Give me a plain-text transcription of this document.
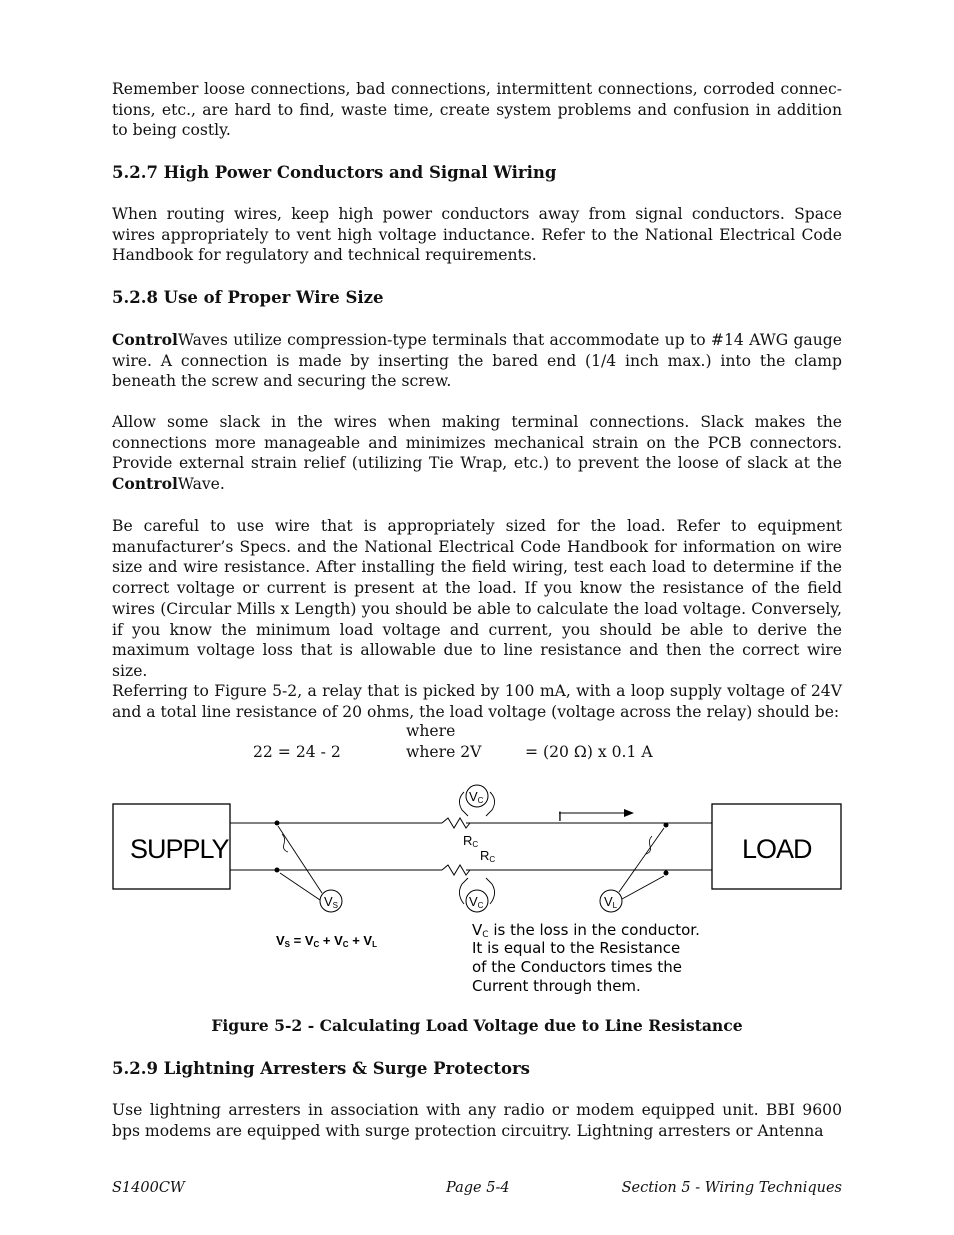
Remember loose connections, bad connections, intermittent connections, corroded connections, etc., are hard to find, waste time, create system problems and confusion in addition to being costly.

5.2.7 High Power Conductors and Signal Wiring

When routing wires, keep high power conductors away from signal conductors. Space wires appropriately to vent high voltage inductance. Refer to the National Electrical Code Handbook for regulatory and technical requirements.

5.2.8 Use of Proper Wire Size

ControlWaves utilize compression-type terminals that accommodate up to #14 AWG gauge wire. A connection is made by inserting the bared end (1/4 inch max.) into the clamp beneath the screw and securing the screw.

Allow some slack in the wires when making terminal connections. Slack makes the connections more manageable and minimizes mechanical strain on the PCB connectors. Provide external strain relief (utilizing Tie Wrap, etc.) to prevent the loose of slack at the ControlWave.

Be careful to use wire that is appropriately sized for the load. Refer to equipment manufacturer’s Specs. and the National Electrical Code Handbook for information on wire size and wire resistance. After installing the field wiring, test each load to determine if the correct voltage or current is present at the load. If you know the resistance of the field wires (Circular Mills x Length) you should be able to calculate the load voltage. Conversely, if you know the minimum load voltage and current, you should be able to derive the maximum voltage loss that is allowable due to line resistance and then the correct wire size.

Referring to Figure 5-2, a relay that is picked by 100 mA, with a loop supply voltage of 24V and a total line resistance of 20 ohms, the load voltage (voltage across the relay) should be:

where
22 = 24 - 2	where 2V	= (20 Ω) x 0.1 A
SUPPLY	LOAD
I
VC
VC
RC
RC
VS	VL
VS = VC + VC + VL
VC is the loss in the conductor.
It is equal to the Resistance
of the Conductors times the
Current through them.

Figure 5-2 - Calculating Load Voltage due to Line Resistance

5.2.9 Lightning Arresters & Surge Protectors

Use lightning arresters in association with any radio or modem equipped unit. BBI 9600 bps modems are equipped with surge protection circuitry. Lightning arresters or Antenna

S1400CW	Page 5-4	Section 5 - Wiring Techniques
